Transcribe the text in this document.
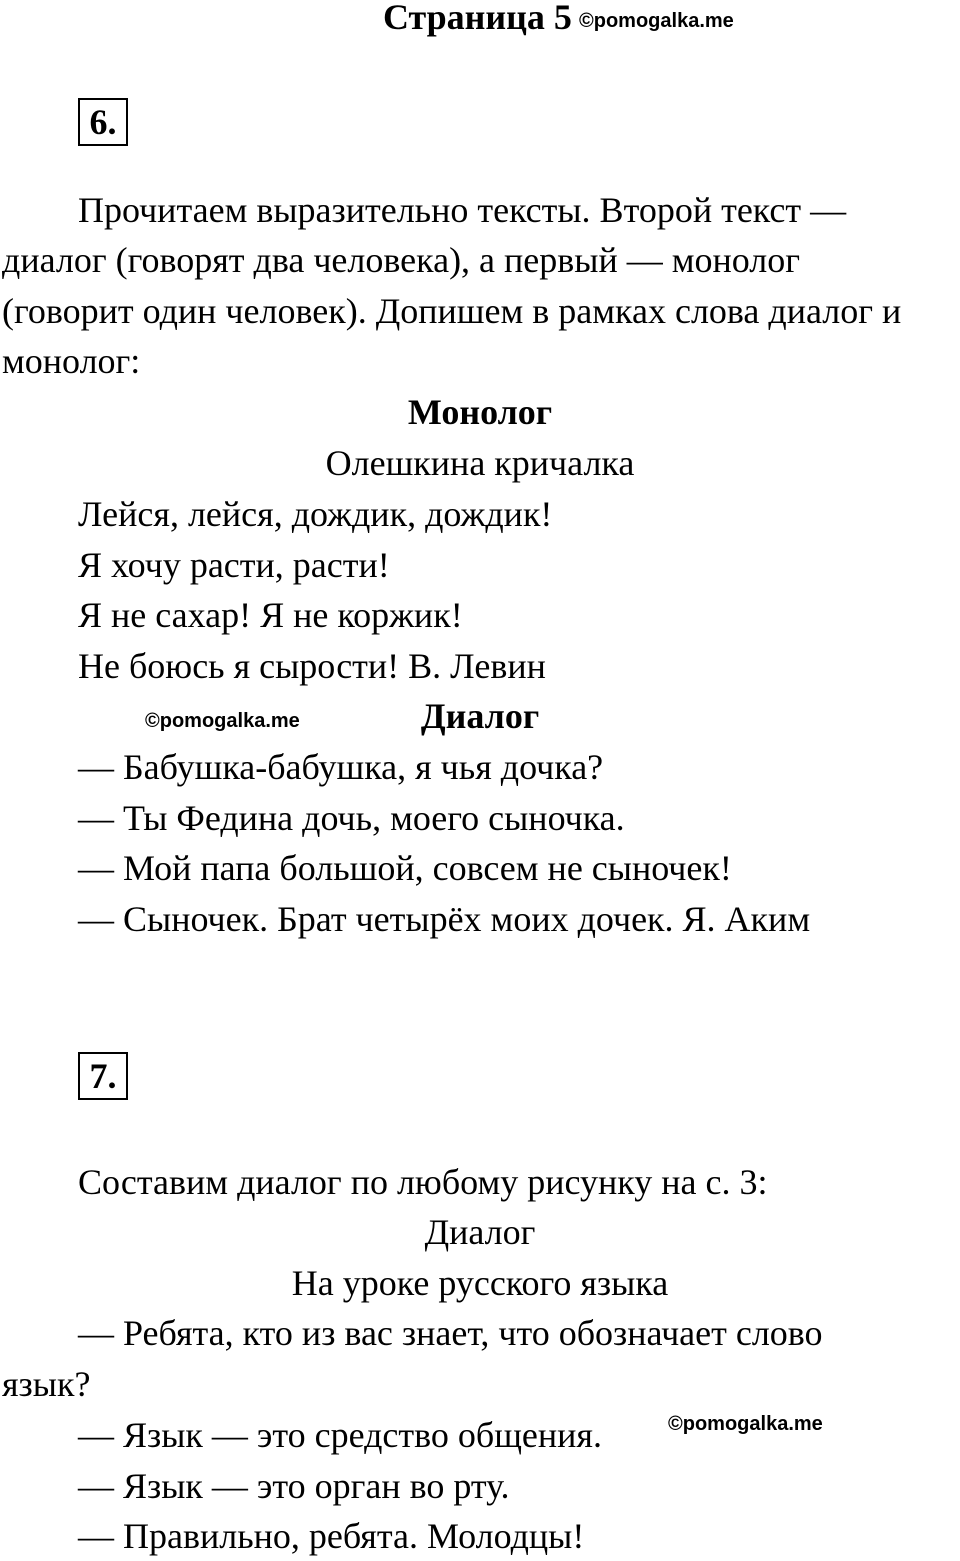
Страница 5 ©pomogalka.me
6.
Прочитаем выразительно тексты. Второй текст —
диалог (говорят два человека), а первый — монолог
(говорит один человек). Допишем в рамках слова диалог и
монолог:
Монолог
Олешкина кричалка
Лейся, лейся, дождик, дождик!
Я хочу расти, расти!
Я не сахар! Я не коржик!
Не боюсь я сырости! В. Левин
©pomogalka.me	Диалог
— Бабушка-бабушка, я чья дочка?
— Ты Федина дочь, моего сыночка.
— Мой папа большой, совсем не сыночек!
— Сыночек. Брат четырёх моих дочек. Я. Аким
7.
Составим диалог по любому рисунку на с. 3:
Диалог
На уроке русского языка
— Ребята, кто из вас знает, что обозначает слово
язык?
— Язык — это средство общения.	©pomogalka.me
— Язык — это орган во рту.
— Правильно, ребята. Молодцы!
